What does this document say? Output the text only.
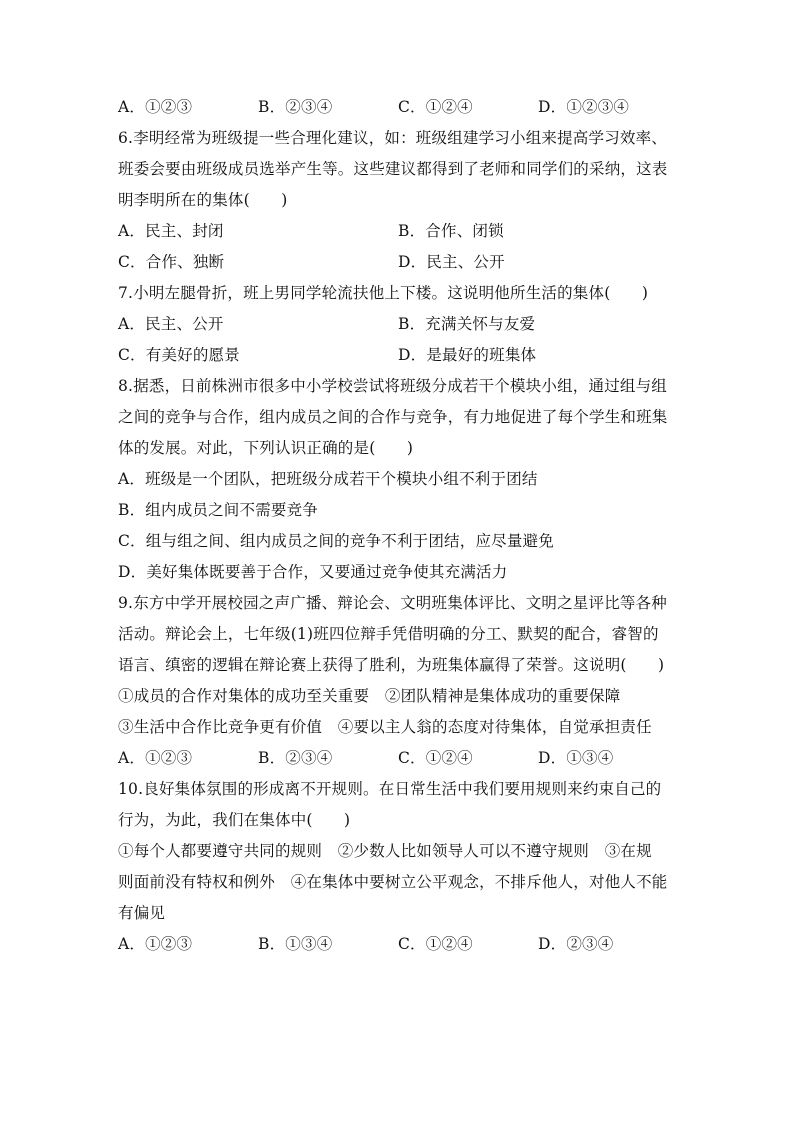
A．①②③	B．②③④	C．①②④	D．①②③④
6.李明经常为班级提一些合理化建议，如：班级组建学习小组来提高学习效率、
班委会要由班级成员选举产生等。这些建议都得到了老师和同学们的采纳，这表
明李明所在的集体(　　)
A．民主、封闭	B．合作、闭锁
C．合作、独断	D．民主、公开
7.小明左腿骨折，班上男同学轮流扶他上下楼。这说明他所生活的集体(　　)
A．民主、公开	B．充满关怀与友爱
C．有美好的愿景	D．是最好的班集体
8.据悉，日前株洲市很多中小学校尝试将班级分成若干个模块小组，通过组与组
之间的竞争与合作，组内成员之间的合作与竞争，有力地促进了每个学生和班集
体的发展。对此，下列认识正确的是(　　)
A．班级是一个团队，把班级分成若干个模块小组不利于团结
B．组内成员之间不需要竞争
C．组与组之间、组内成员之间的竞争不利于团结，应尽量避免
D．美好集体既要善于合作，又要通过竞争使其充满活力
9.东方中学开展校园之声广播、辩论会、文明班集体评比、文明之星评比等各种
活动。辩论会上，七年级(1)班四位辩手凭借明确的分工、默契的配合，睿智的
语言、缜密的逻辑在辩论赛上获得了胜利，为班集体赢得了荣誉。这说明(　　)
①成员的合作对集体的成功至关重要　②团队精神是集体成功的重要保障
③生活中合作比竞争更有价值　④要以主人翁的态度对待集体，自觉承担责任
A．①②③	B．②③④	C．①②④	D．①③④
10.良好集体氛围的形成离不开规则。在日常生活中我们要用规则来约束自己的
行为，为此，我们在集体中(　　)
①每个人都要遵守共同的规则　②少数人比如领导人可以不遵守规则　③在规
则面前没有特权和例外　④在集体中要树立公平观念，不排斥他人，对他人不能
有偏见
A．①②③	B．①③④	C．①②④	D．②③④
